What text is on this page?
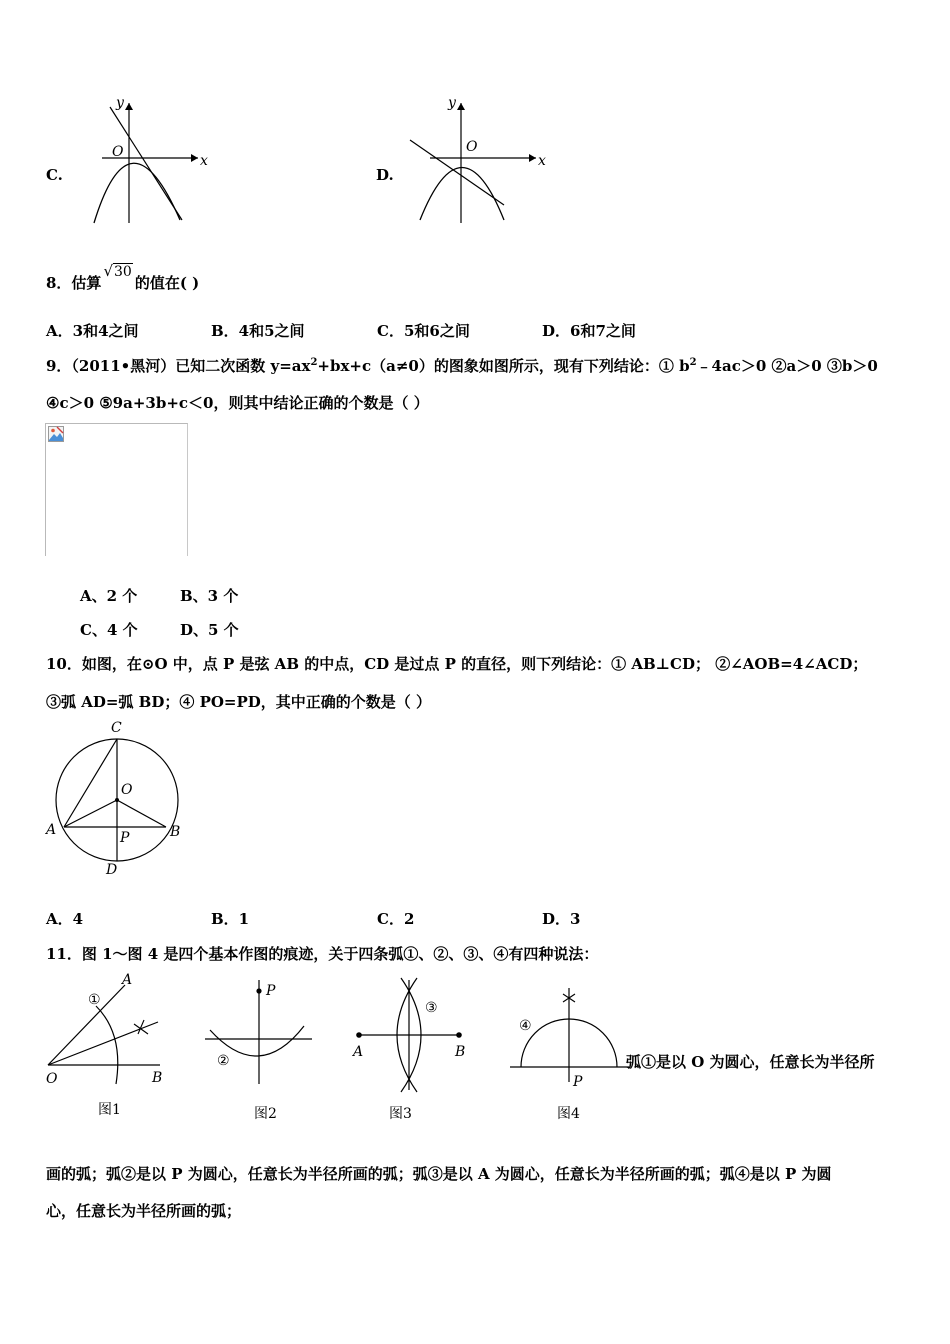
C.
x
y
O
D.
x
y
O
8．估算√30的值在( )
A．3和4之间	B．4和5之间	C．5和6之间	D．6和7之间
9．（2011•黑河）已知二次函数 $y=ax^2+bx+c(a\ne 0)$的图象如图所示，现有下列结论：① $b^2﹣4ac>0$ ②a＞0 ③b＞0
④c＞0 ⑤9a+3b+c＜0，则其中结论正确的个数是（ ）
A、2 个	B、3 个
C、4 个	D、5 个
10．如图，在⊙O 中，点 P 是弦 AB 的中点，CD 是过点 P 的直径，则下列结论：① AB⊥CD； ②∠AOB=4∠ACD；
③弧 AD=弧 BD；④ PO=PD，其中正确的个数是（ ）
C
O
A	B
P
D
A．4	B．1	C．2	D．3
11．图 1～图 4 是四个基本作图的痕迹，关于四条弧①、②、③、④有四种说法：
A
O	B
①
图1
P
②
图2
A	B
③
图3
P
④
图4
弧①是以 O 为圆心，任意长为半径所
画的弧；弧②是以 P 为圆心，任意长为半径所画的弧；弧③是以 A 为圆心，任意长为半径所画的弧；弧④是以 P 为圆
心，任意长为半径所画的弧；
